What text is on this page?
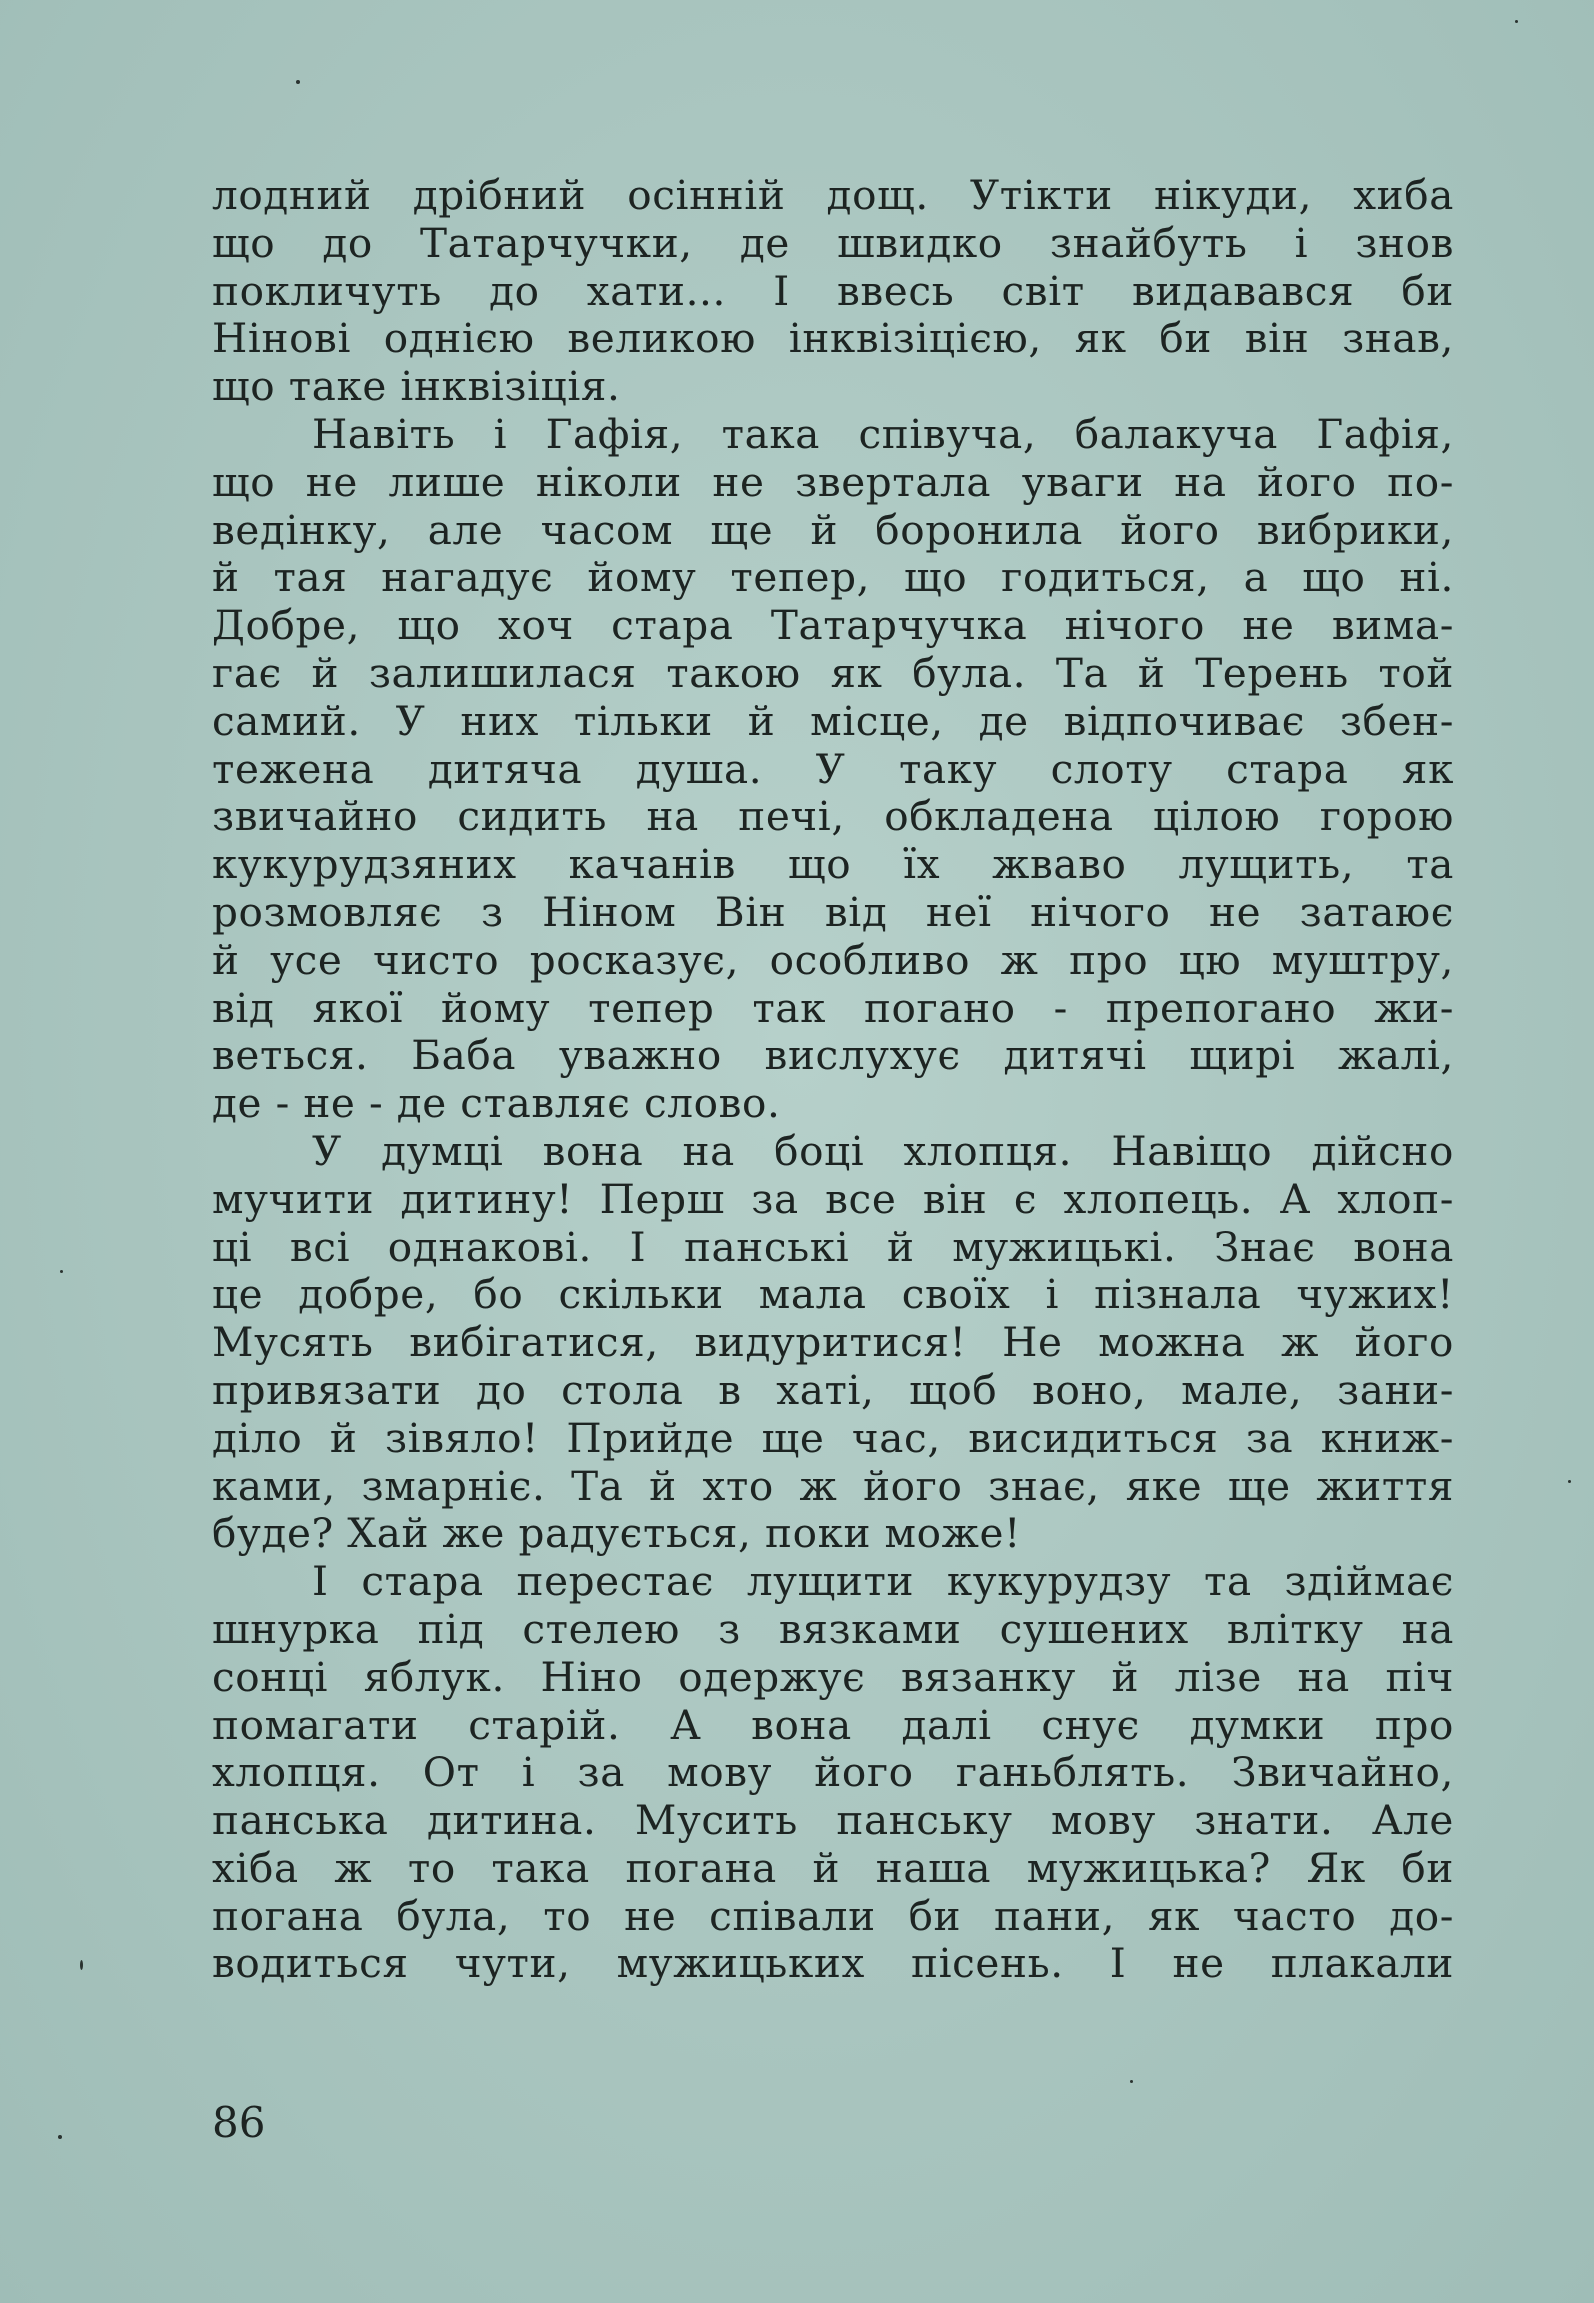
лодний дрібний осінній дощ. Утікти нікуди, хиба
що до Татарчучки, де швидко знайбуть і знов
покличуть до хати... І ввесь світ видавався би
Нінові однією великою інквізіцією, як би він знав,
що таке інквізіція.
Навіть і Гафія, така співуча, балакуча Гафія,
що не лише ніколи не звертала уваги на його по-
ведінку, але часом ще й боронила його вибрики,
й тая нагадує йому тепер, що годиться, а що ні.
Добре, що хоч стара Татарчучка нічого не вима-
гає й залишилася такою як була. Та й Терень той
самий. У них тільки й місце, де відпочиває збен-
тежена дитяча душа. У таку слоту стара як
звичайно сидить на печі, обкладена цілою горою
кукурудзяних качанів що їх жваво лущить, та
розмовляє з Ніном Він від неї нічого не затаює
й усе чисто росказує, особливо ж про цю муштру,
від якої йому тепер так погано - препогано жи-
веться. Баба уважно вислухує дитячі щирі жалі,
де - не - де ставляє слово.
У думці вона на боці хлопця. Навіщо дійсно
мучити дитину! Перш за все він є хлопець. А хлоп-
ці всі однакові. І панські й мужицькі. Знає вона
це добре, бо скільки мала своїх і пізнала чужих!
Мусять вибігатися, видуритися! Не можна ж його
привязати до стола в хаті, щоб воно, мале, зани-
діло й зівяло! Прийде ще час, висидиться за книж-
ками, змарніє. Та й хто ж його знає, яке ще життя
буде? Хай же радується, поки може!
І стара перестає лущити кукурудзу та здіймає
шнурка під стелею з вязками сушених влітку на
сонці яблук. Ніно одержує вязанку й лізе на піч
помагати старій. А вона далі снує думки про
хлопця. От і за мову його ганьблять. Звичайно,
панська дитина. Мусить панську мову знати. Але
хіба ж то така погана й наша мужицька? Як би
погана була, то не співали би пани, як часто до-
водиться чути, мужицьких пісень. І не плакали
86
